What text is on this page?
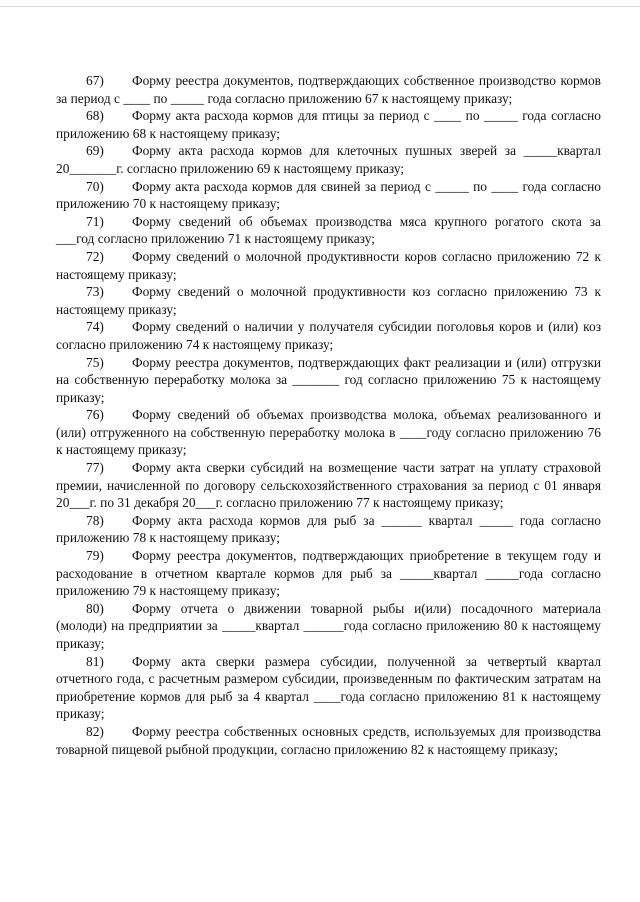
67) Форму реестра документов, подтверждающих собственное производство кормов за период с ____ по _____ года согласно приложению 67 к настоящему приказу;

68) Форму акта расхода кормов для птицы за период с ____ по _____ года согласно приложению 68 к настоящему приказу;

69) Форму акта расхода кормов для клеточных пушных зверей за _____квартал 20_______г. согласно приложению 69 к настоящему приказу;

70) Форму акта расхода кормов для свиней за период с _____ по ____ года согласно приложению 70 к настоящему приказу;

71) Форму сведений об объемах производства мяса крупного рогатого скота за ___год согласно приложению 71 к настоящему приказу;

72) Форму сведений о молочной продуктивности коров согласно приложению 72 к настоящему приказу;

73) Форму сведений о молочной продуктивности коз согласно приложению 73 к настоящему приказу;

74) Форму сведений о наличии у получателя субсидии поголовья коров и (или) коз согласно приложению 74 к настоящему приказу;

75) Форму реестра документов, подтверждающих факт реализации и (или) отгрузки на собственную переработку молока за _______ год согласно приложению 75 к настоящему приказу;

76) Форму сведений об объемах производства молока, объемах реализованного и (или) отгруженного на собственную переработку молока в ____году согласно приложению 76 к настоящему приказу;

77) Форму акта сверки субсидий на возмещение части затрат на уплату страховой премии, начисленной по договору сельскохозяйственного страхования за период с 01 января 20___г. по 31 декабря 20___г. согласно приложению 77 к настоящему приказу;

78) Форму акта расхода кормов для рыб за ______ квартал _____ года согласно приложению 78 к настоящему приказу;

79) Форму реестра документов, подтверждающих приобретение в текущем году и расходование в отчетном квартале кормов для рыб за _____квартал _____года согласно приложению 79 к настоящему приказу;

80) Форму отчета о движении товарной рыбы и(или) посадочного материала (молоди) на предприятии за _____квартал ______года согласно приложению 80 к настоящему приказу;

81) Форму акта сверки размера субсидии, полученной за четвертый квартал отчетного года, с расчетным размером субсидии, произведенным по фактическим затратам на приобретение кормов для рыб за 4 квартал ____года согласно приложению 81 к настоящему приказу;

82) Форму реестра собственных основных средств, используемых для производства товарной пищевой рыбной продукции, согласно приложению 82 к настоящему приказу;
